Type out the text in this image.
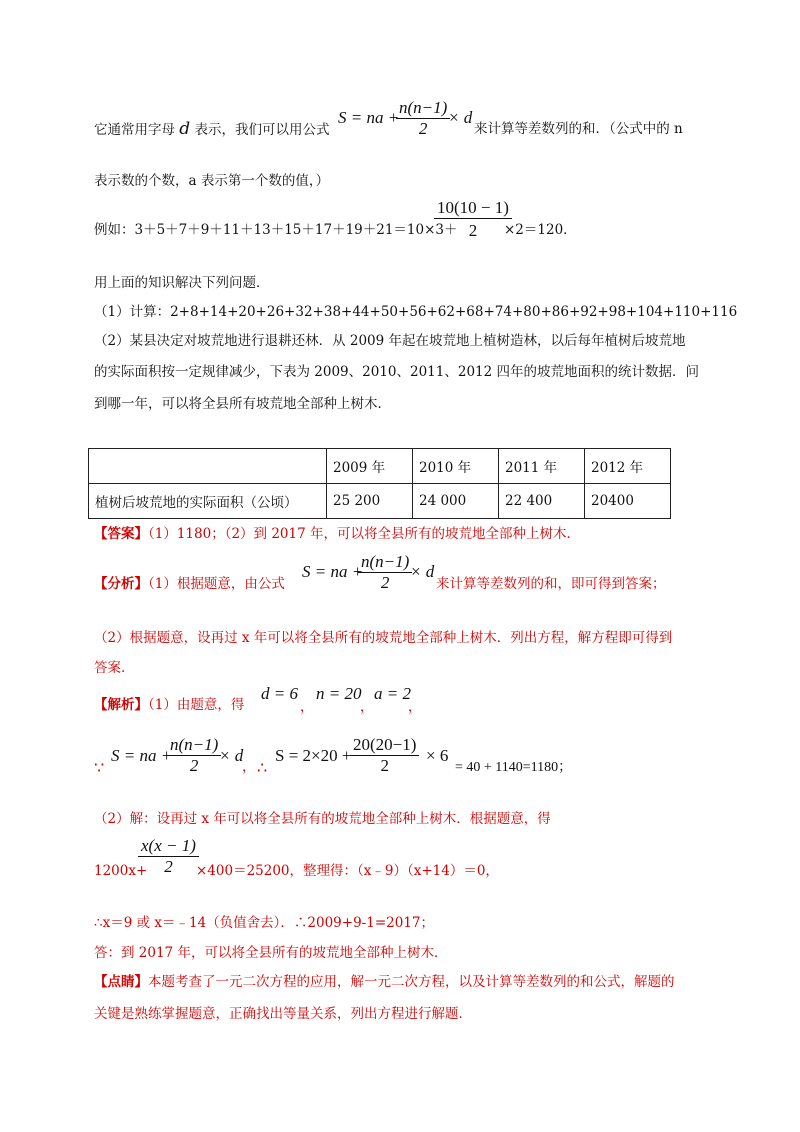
它通常用字母 d 表示，我们可以用公式
S = na +
$\frac{n(n-1)}{2}$
× d
来计算等差数列的和．（公式中的 n
表示数的个数，a 表示第一个数的值，）
例如：3＋5＋7＋9＋11＋13＋15＋17＋19＋21＝10×3＋
$\frac{10(10 - 1)}{2}$
×2＝120．
用上面的知识解决下列问题．
（1）计算：2+8+14+20+26+32+38+44+50+56+62+68+74+80+86+92+98+104+110+116
（2）某县决定对坡荒地进行退耕还林．从 2009 年起在坡荒地上植树造林，以后每年植树后坡荒地
的实际面积按一定规律减少，下表为 2009、2010、2011、2012 四年的坡荒地面积的统计数据．问
到哪一年，可以将全县所有坡荒地全部种上树木．
	2009 年	2010 年	2011 年	2012 年
植树后坡荒地的实际面积（公顷）	25 200	24 000	22 400	20400
【答案】（1）1180；（2）到 2017 年，可以将全县所有的坡荒地全部种上树木．
【分析】（1）根据题意，由公式
S = na +
$\frac{n(n-1)}{2}$
× d
来计算等差数列的和，即可得到答案；
（2）根据题意，设再过 x 年可以将全县所有的坡荒地全部种上树木．列出方程，解方程即可得到
答案．
【解析】（1）由题意，得
d = 6
，
n = 20
，
a = 2
，
∵
S = na +
$\frac{n(n-1)}{2}$
× d
， ∴
S = 2×20 +
$\frac{20(20-1)}{2} \times 6$
= 40 + 1140=1180；
（2）解：设再过 x 年可以将全县所有的坡荒地全部种上树木．根据题意，得
1200x+
$\frac{x(x - 1)}{2}$
×400＝25200，整理得：（x﹣9）（x+14）＝0，
∴x＝9 或 x＝﹣14（负值舍去）．∴2009+9-1=2017；
答：到 2017 年，可以将全县所有的坡荒地全部种上树木．
【点睛】本题考查了一元二次方程的应用，解一元二次方程，以及计算等差数列的和公式，解题的
关键是熟练掌握题意，正确找出等量关系，列出方程进行解题．
